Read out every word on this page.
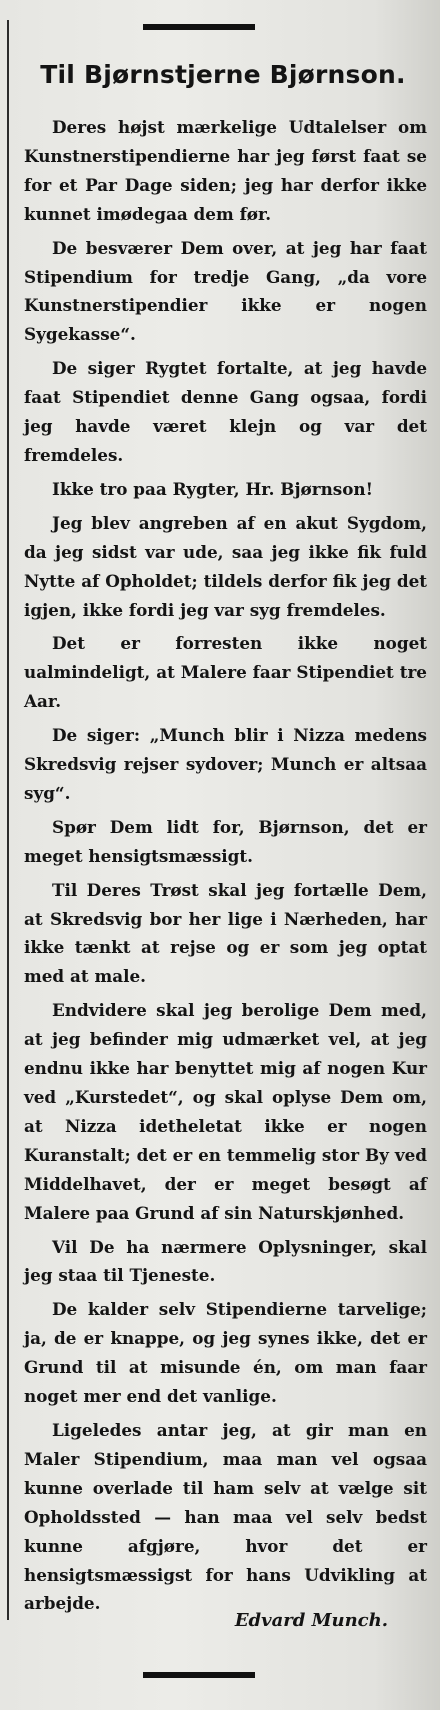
Til Bjørnstjerne Bjørnson.

Deres højst mærkelige Udtalelser om Kunstnerstipendierne har jeg først faat se for et Par Dage siden; jeg har derfor ikke kunnet imødegaa dem før.

De besværer Dem over, at jeg har faat Stipendium for tredje Gang, „da vore Kunstnerstipendier ikke er nogen Sygekasse“.

De siger Rygtet fortalte, at jeg havde faat Stipendiet denne Gang ogsaa, fordi jeg havde været klejn og var det fremdeles.

Ikke tro paa Rygter, Hr. Bjørnson!

Jeg blev angreben af en akut Sygdom, da jeg sidst var ude, saa jeg ikke fik fuld Nytte af Opholdet; tildels derfor fik jeg det igjen, ikke fordi jeg var syg fremdeles.

Det er forresten ikke noget ualmindeligt, at Malere faar Stipendiet tre Aar.

De siger: „Munch blir i Nizza medens Skredsvig rejser sydover; Munch er altsaa syg“.

Spør Dem lidt for, Bjørnson, det er meget hensigtsmæssigt.

Til Deres Trøst skal jeg fortælle Dem, at Skredsvig bor her lige i Nærheden, har ikke tænkt at rejse og er som jeg optat med at male.

Endvidere skal jeg berolige Dem med, at jeg befinder mig udmærket vel, at jeg endnu ikke har benyttet mig af nogen Kur ved „Kurstedet“, og skal oplyse Dem om, at Nizza idetheletat ikke er nogen Kuranstalt; det er en temmelig stor By ved Middelhavet, der er meget besøgt af Malere paa Grund af sin Naturskjønhed.

Vil De ha nærmere Oplysninger, skal jeg staa til Tjeneste.

De kalder selv Stipendierne tarvelige; ja, de er knappe, og jeg synes ikke, det er Grund til at misunde én, om man faar noget mer end det vanlige.

Ligeledes antar jeg, at gir man en Maler Stipendium, maa man vel ogsaa kunne overlade til ham selv at vælge sit Opholdssted — han maa vel selv bedst kunne afgjøre, hvor det er hensigtsmæssigst for hans Udvikling at arbejde.

Edvard Munch.
